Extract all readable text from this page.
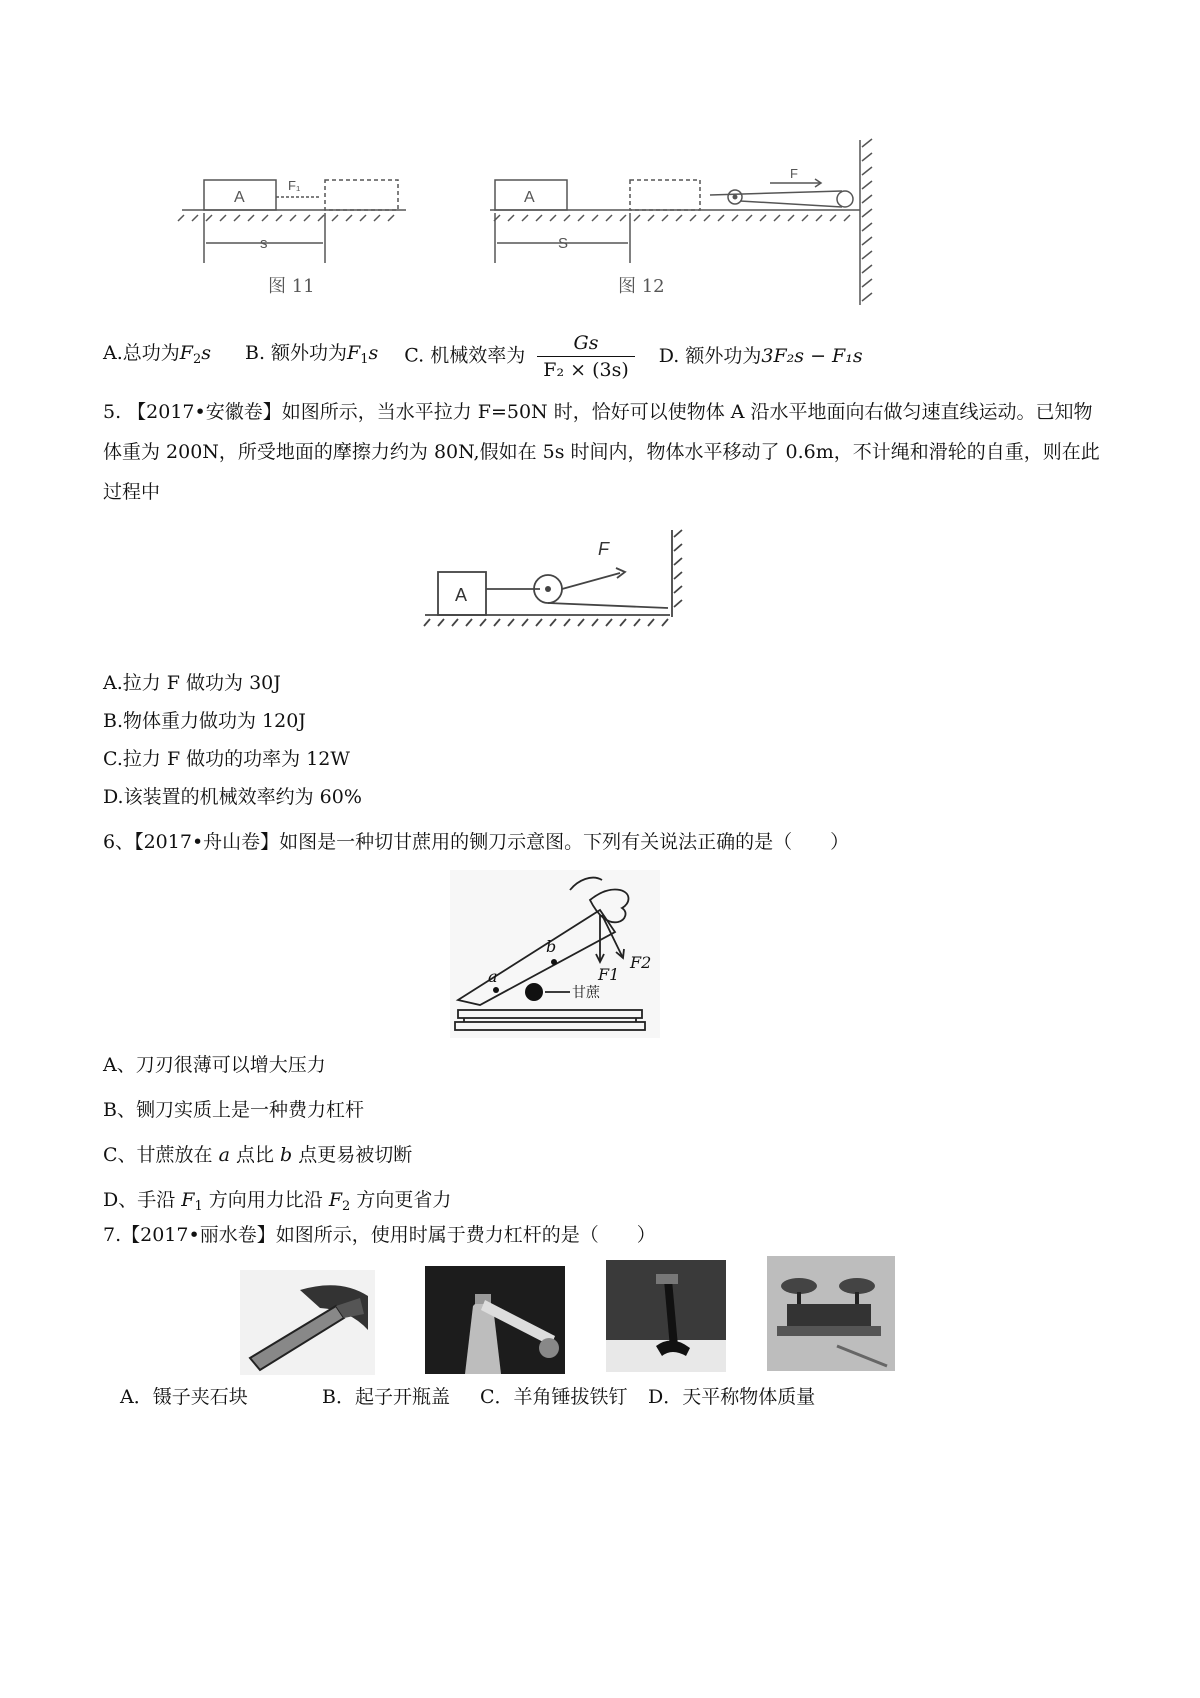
A
F₁
s
图 11
A
F
S
图 12
A.总功为$F_2s$ B. 额外功为$F_1s$ C. 机械效率为 $\frac{Gs}{\text{F₂ × (3s)}} D$. 额外功为3F₂s − F₁s
5. 【2017•安徽卷】如图所示，当水平拉力 F=50N 时，恰好可以使物体 A 沿水平地面向右做匀速直线运动。已知物体重为 200N，所受地面的摩擦力约为 80N,假如在 5s 时间内，物体水平移动了 0.6m，不计绳和滑轮的自重，则在此过程中
A
F
A.拉力 F 做功为 30J
B.物体重力做功为 120J
C.拉力 F 做功的功率为 12W
D.该装置的机械效率约为 60%
6、【2017•舟山卷】如图是一种切甘蔗用的铡刀示意图。下列有关说法正确的是（　　）
a
b
F1
F2
甘蔗
A、刀刃很薄可以增大压力
B、铡刀实质上是一种费力杠杆
C、甘蔗放在 a 点比 b 点更易被切断
D、手沿 $F_1$ 方向用力比沿 $F_2$ 方向更省力
7.【2017•丽水卷】如图所示，使用时属于费力杠杆的是（　　）
A．镊子夹石块	B．起子开瓶盖 C．羊角锤拔铁钉 D．天平称物体质量
